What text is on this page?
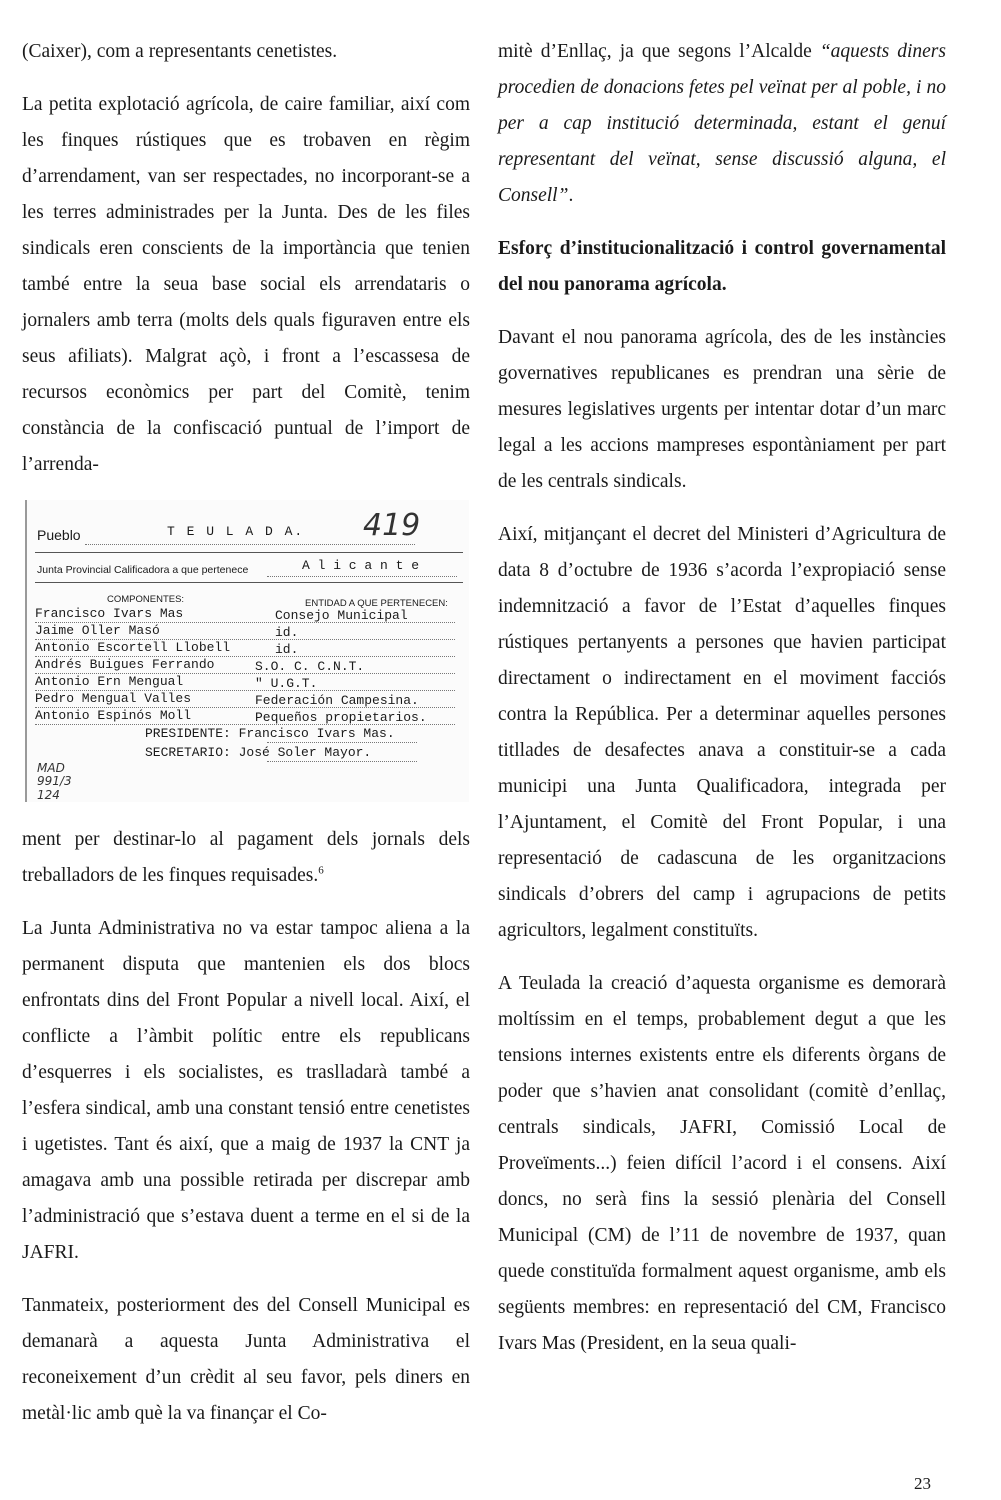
(Caixer), com a representants cenetistes.

La petita explotació agrícola, de caire familiar, així com les finques rústiques que es trobaven en règim d’arrendament, van ser respectades, no incorporant-se a les terres administrades per la Junta. Des de les files sindicals eren conscients de la importància que tenien també entre la seua base social els arrendataris o jornalers amb terra (molts dels quals figuraven entre els seus afiliats). Malgrat açò, i front a l’escassesa de recursos econòmics per part del Comitè, tenim constància de la confiscació puntual de l’import de l’arrenda-

Pueblo	T E U L A D A. 419
Junta Provincial Calificadora a que pertenece	A l i c a n t e
COMPONENTES:	ENTIDAD A QUE PERTENECEN:
Francisco Ivars Mas	Consejo Municipal
Jaime Oller Masó	id.
Antonio Escortell Llobell	id.
Andrés Buigues Ferrando	S.O. C. C.N.T.
Antonio Ern Mengual	" U.G.T.
Pedro Mengual Valles	Federación Campesina.
Antonio Espinós Moll	Pequeños propietarios.
PRESIDENTE: Francisco Ivars Mas.
SECRETARIO: José Soler Mayor.
MAD
991/3
124

ment per destinar-lo al pagament dels jornals dels treballadors de les finques requisades.$^6$

La Junta Administrativa no va estar tampoc aliena a la permanent disputa que mantenien els dos blocs enfrontats dins del Front Popular a nivell local. Així, el conflicte a l’àmbit polític entre els republicans d’esquerres i els socialistes, es traslladarà també a l’esfera sindical, amb una constant tensió entre cenetistes i ugetistes. Tant és així, que a maig de 1937 la CNT ja amagava amb una possible retirada per discrepar amb l’administració que s’estava duent a terme en el si de la JAFRI.

Tanmateix, posteriorment des del Consell Municipal es demanarà a aquesta Junta Administrativa el reconeixement d’un crèdit al seu favor, pels diners en metàl·lic amb què la va finançar el Co-

mitè d’Enllaç, ja que segons l’Alcalde “aquests diners procedien de donacions fetes pel veïnat per al poble, i no per a cap institució determinada, estant el genuí representant del veïnat, sense discussió alguna, el Consell”.

Esforç d’institucionalització i control governamental del nou panorama agrícola.

Davant el nou panorama agrícola, des de les instàncies governatives republicanes es prendran una sèrie de mesures legislatives urgents per intentar dotar d’un marc legal a les accions mampreses espontàniament per part de les centrals sindicals.

Així, mitjançant el decret del Ministeri d’Agricultura de data 8 d’octubre de 1936 s’acorda l’expropiació sense indemnització a favor de l’Estat d’aquelles finques rústiques pertanyents a persones que havien participat directament o indirectament en el moviment facciós contra la República. Per a determinar aquelles persones titllades de desafectes anava a constituir-se a cada municipi una Junta Qualificadora, integrada per l’Ajuntament, el Comitè del Front Popular, i una representació de cadascuna de les organitzacions sindicals d’obrers del camp i agrupacions de petits agricultors, legalment constituïts.

A Teulada la creació d’aquesta organisme es demorarà moltíssim en el temps, probablement degut a que les tensions internes existents entre els diferents òrgans de poder que s’havien anat consolidant (comitè d’enllaç, centrals sindicals, JAFRI, Comissió Local de Proveïments...) feien difícil l’acord i el consens. Així doncs, no serà fins la sessió plenària del Consell Municipal (CM) de l’11 de novembre de 1937, quan quede constituïda formalment aquest organisme, amb els següents membres: en representació del CM, Francisco Ivars Mas (President, en la seua quali-

23
